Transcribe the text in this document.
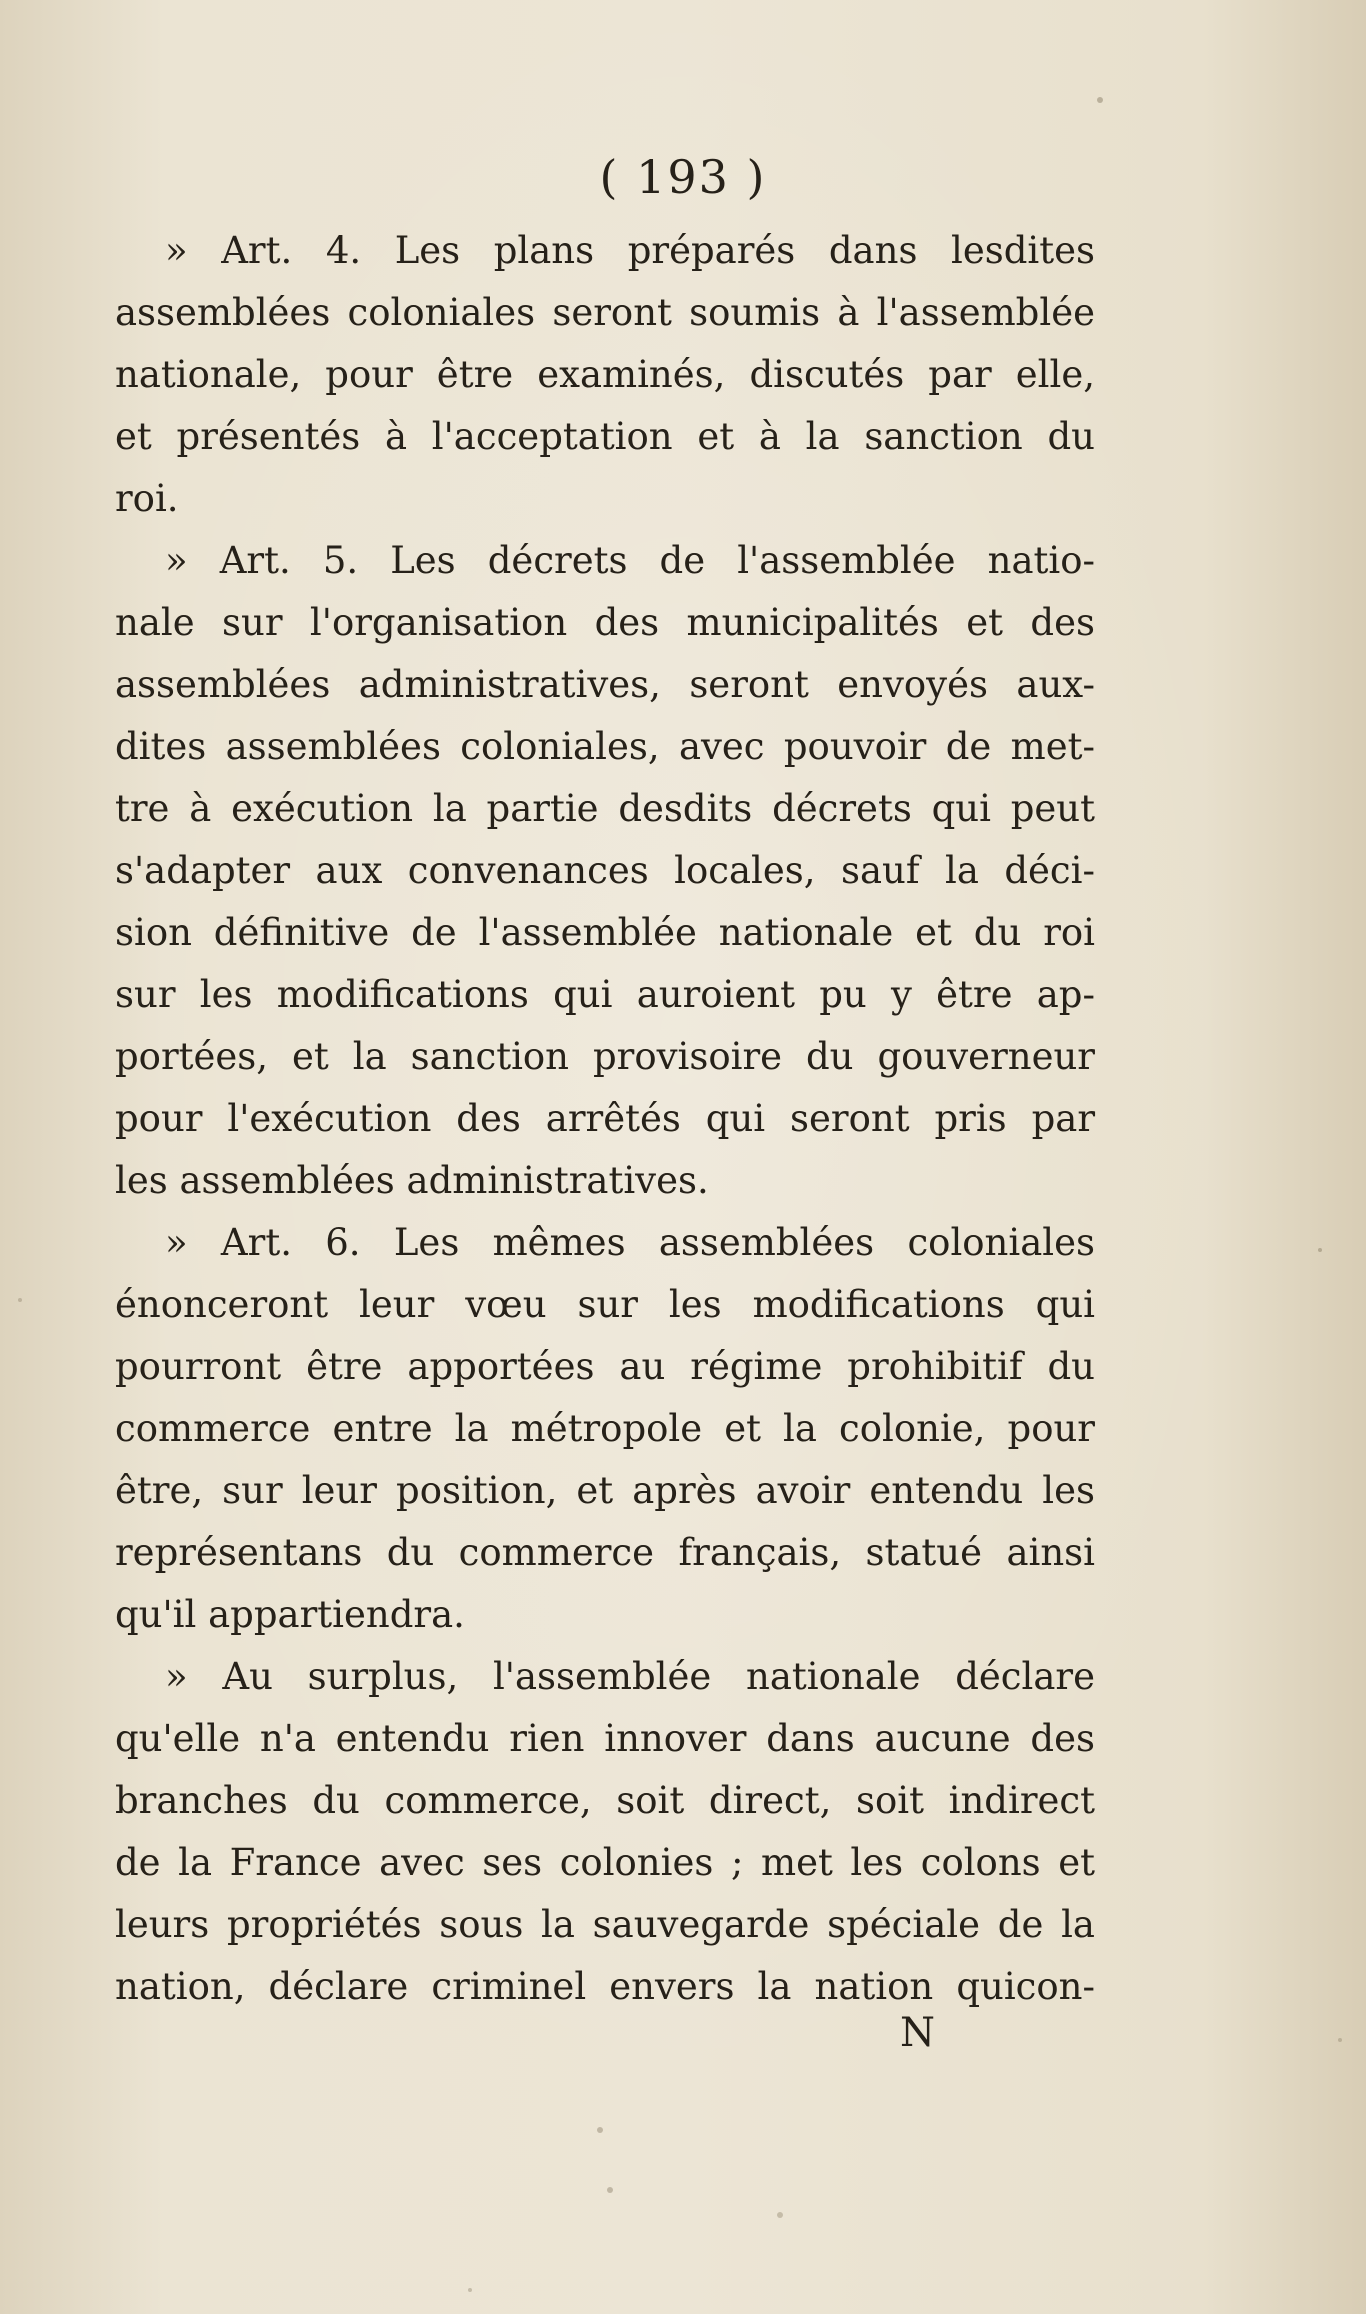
( 193 )
» Art. 4. Les plans préparés dans lesdites
assemblées coloniales seront soumis à l'assemblée
nationale, pour être examinés, discutés par elle,
et présentés à l'acceptation et à la sanction du
roi.
» Art. 5. Les décrets de l'assemblée natio-
nale sur l'organisation des municipalités et des
assemblées administratives, seront envoyés aux-
dites assemblées coloniales, avec pouvoir de met-
tre à exécution la partie desdits décrets qui peut
s'adapter aux convenances locales, sauf la déci-
sion définitive de l'assemblée nationale et du roi
sur les modifications qui auroient pu y être ap-
portées, et la sanction provisoire du gouverneur
pour l'exécution des arrêtés qui seront pris par
les assemblées administratives.
» Art. 6. Les mêmes assemblées coloniales
énonceront leur vœu sur les modifications qui
pourront être apportées au régime prohibitif du
commerce entre la métropole et la colonie, pour
être, sur leur position, et après avoir entendu les
représentans du commerce français, statué ainsi
qu'il appartiendra.
» Au surplus, l'assemblée nationale déclare
qu'elle n'a entendu rien innover dans aucune des
branches du commerce, soit direct, soit indirect
de la France avec ses colonies ; met les colons et
leurs propriétés sous la sauvegarde spéciale de la
nation, déclare criminel envers la nation quicon-
N
